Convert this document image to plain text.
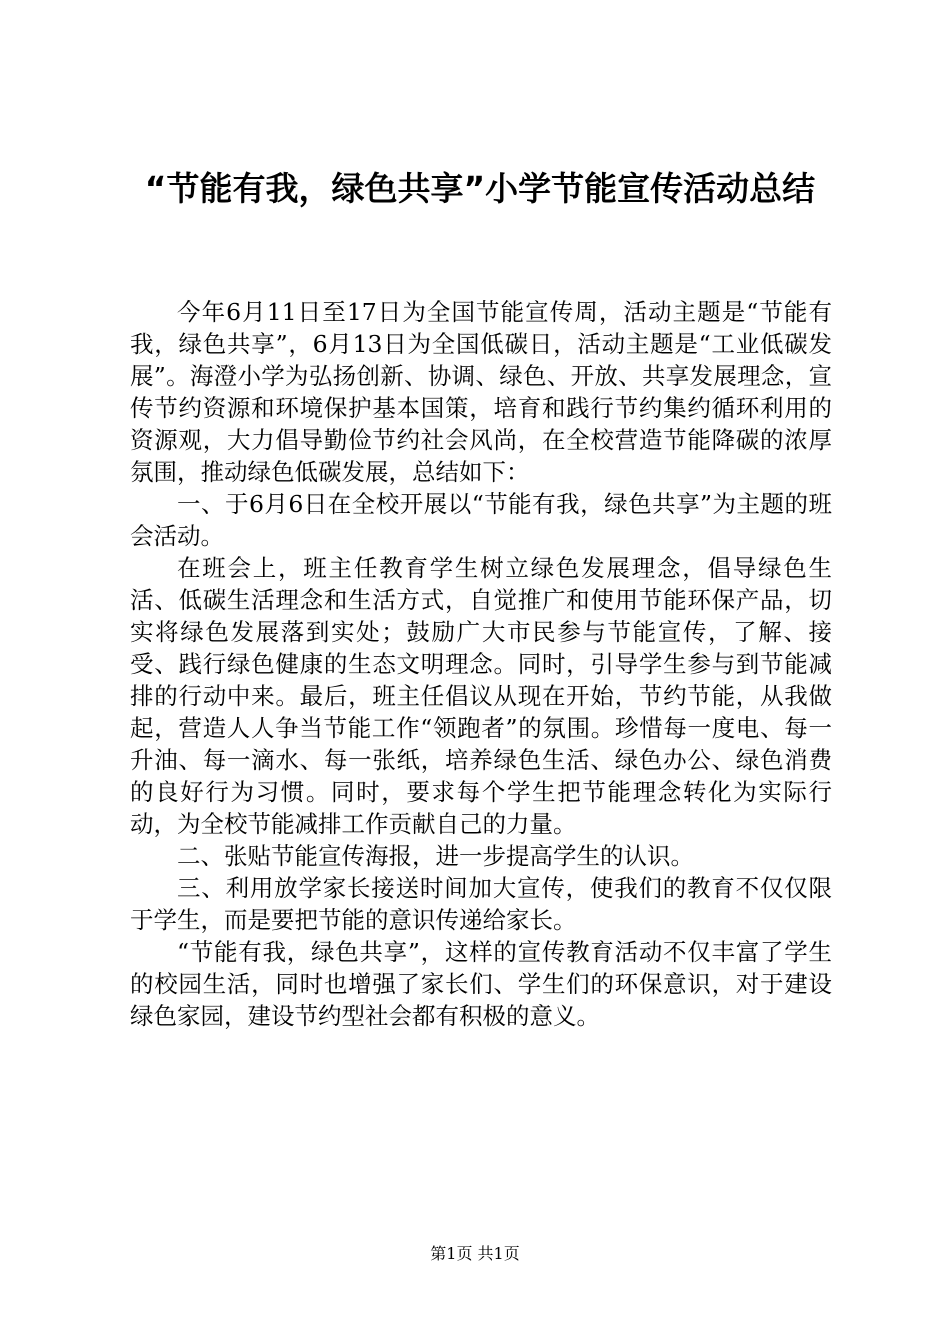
“节能有我，绿色共享”小学节能宣传活动总结

今年6月11日至17日为全国节能宣传周，活动主题是“节能有我，绿色共享”，6月13日为全国低碳日，活动主题是“工业低碳发展”。海澄小学为弘扬创新、协调、绿色、开放、共享发展理念，宣传节约资源和环境保护基本国策，培育和践行节约集约循环利用的资源观，大力倡导勤俭节约社会风尚，在全校营造节能降碳的浓厚氛围，推动绿色低碳发展，总结如下：

一、于6月6日在全校开展以“节能有我，绿色共享”为主题的班会活动。

在班会上，班主任教育学生树立绿色发展理念，倡导绿色生活、低碳生活理念和生活方式，自觉推广和使用节能环保产品，切实将绿色发展落到实处；鼓励广大市民参与节能宣传，了解、接受、践行绿色健康的生态文明理念。同时，引导学生参与到节能减排的行动中来。最后，班主任倡议从现在开始，节约节能，从我做起，营造人人争当节能工作“领跑者”的氛围。珍惜每一度电、每一升油、每一滴水、每一张纸，培养绿色生活、绿色办公、绿色消费的良好行为习惯。同时，要求每个学生把节能理念转化为实际行动，为全校节能减排工作贡献自己的力量。

二、张贴节能宣传海报，进一步提高学生的认识。

三、利用放学家长接送时间加大宣传，使我们的教育不仅仅限于学生，而是要把节能的意识传递给家长。

“节能有我，绿色共享”，这样的宣传教育活动不仅丰富了学生的校园生活，同时也增强了家长们、学生们的环保意识，对于建设绿色家园，建设节约型社会都有积极的意义。

第1页 共1页
